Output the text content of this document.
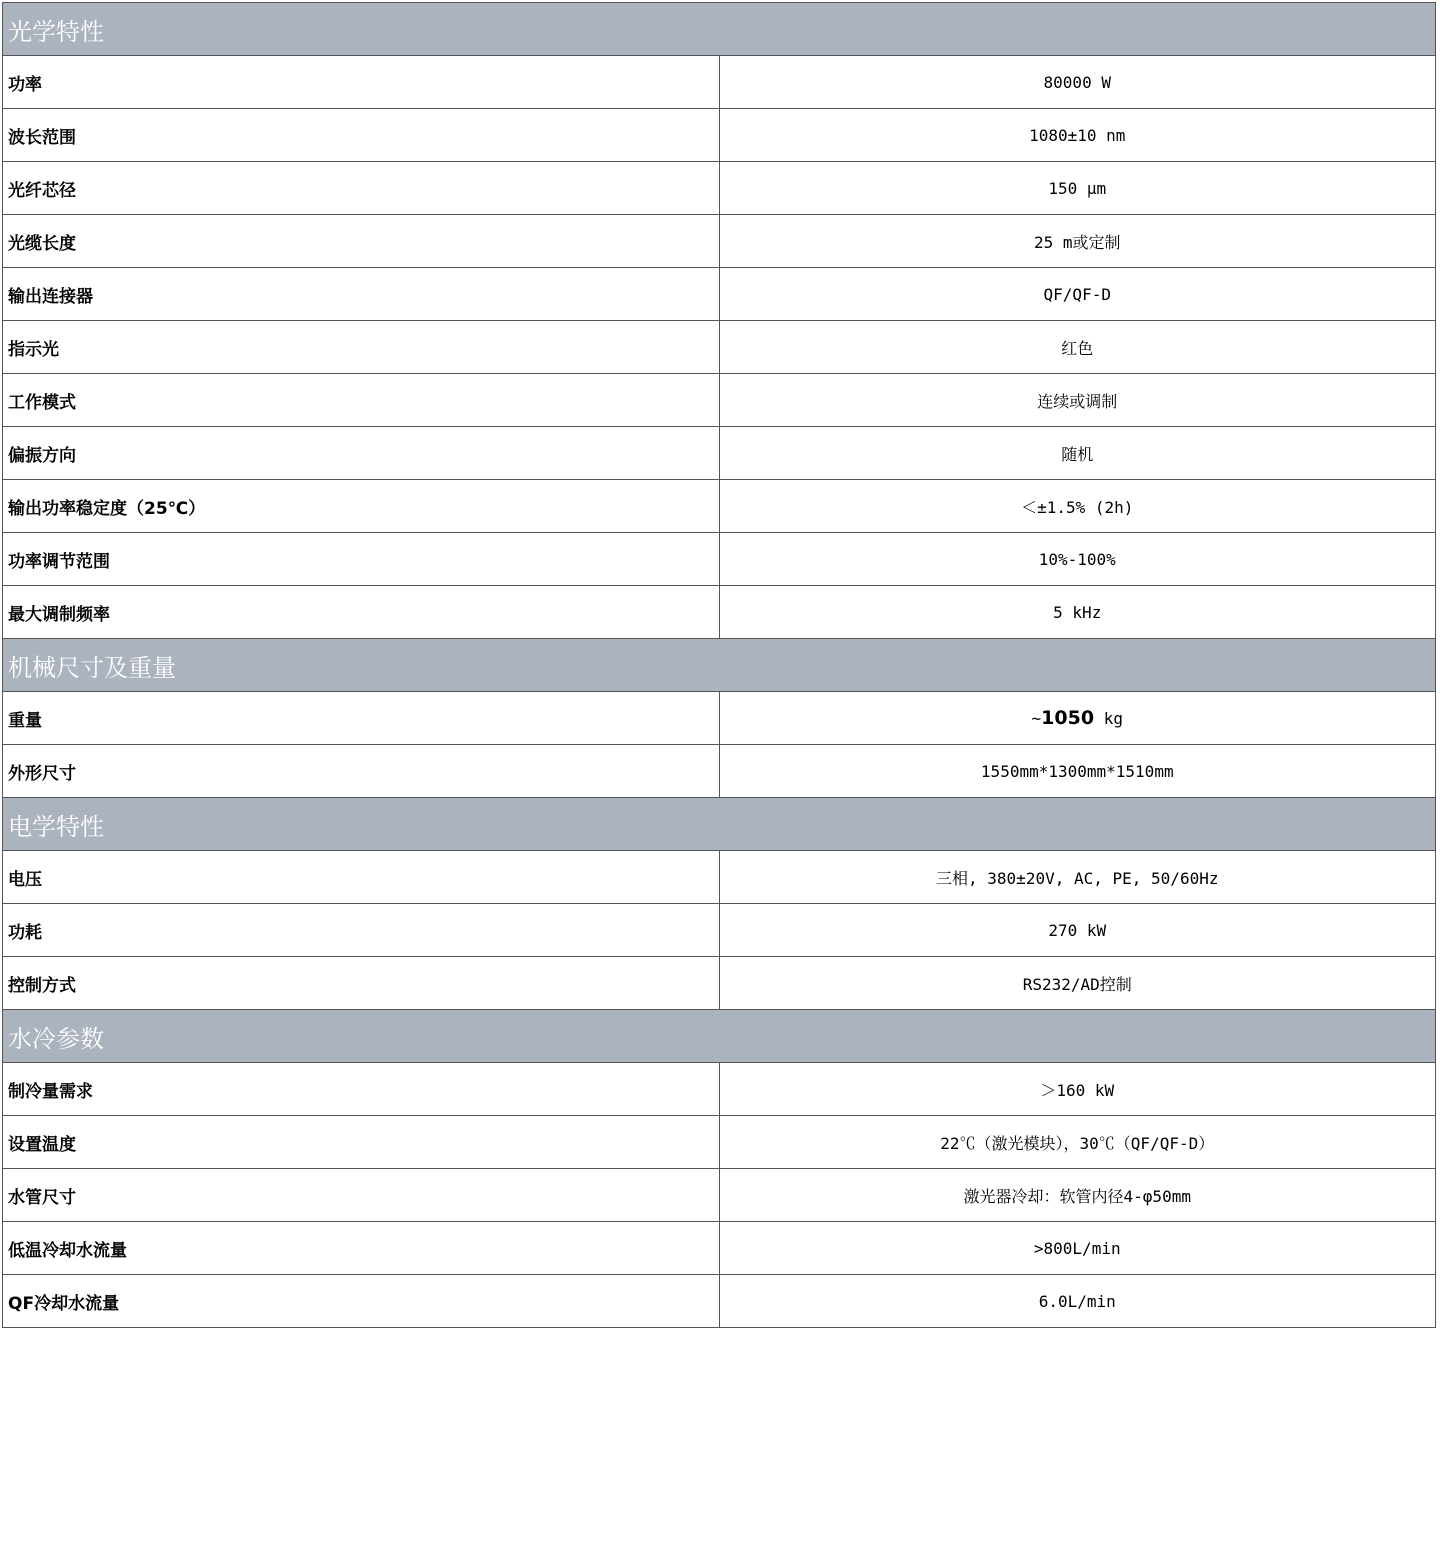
光学特性	
功率	80000 W
波长范围	1080±10 nm
光纤芯径	150 μm
光缆长度	25 m或定制
输出连接器	QF/QF-D
指示光	红色
工作模式	连续或调制
偏振方向	随机
输出功率稳定度（25℃）	＜±1.5% (2h)
功率调节范围	10%-100%
最大调制频率	5 kHz
机械尺寸及重量	
重量	~1050 kg
外形尺寸	1550mm*1300mm*1510mm
电学特性	
电压	三相, 380±20V, AC, PE, 50/60Hz
功耗	270 kW
控制方式	RS232/AD控制
水冷参数	
制冷量需求	＞160 kW
设置温度	22℃（激光模块），30℃（QF/QF-D）
水管尺寸	激光器冷却：软管内径4-φ50mm
低温冷却水流量	>800L/min
QF冷却水流量	6.0L/min
